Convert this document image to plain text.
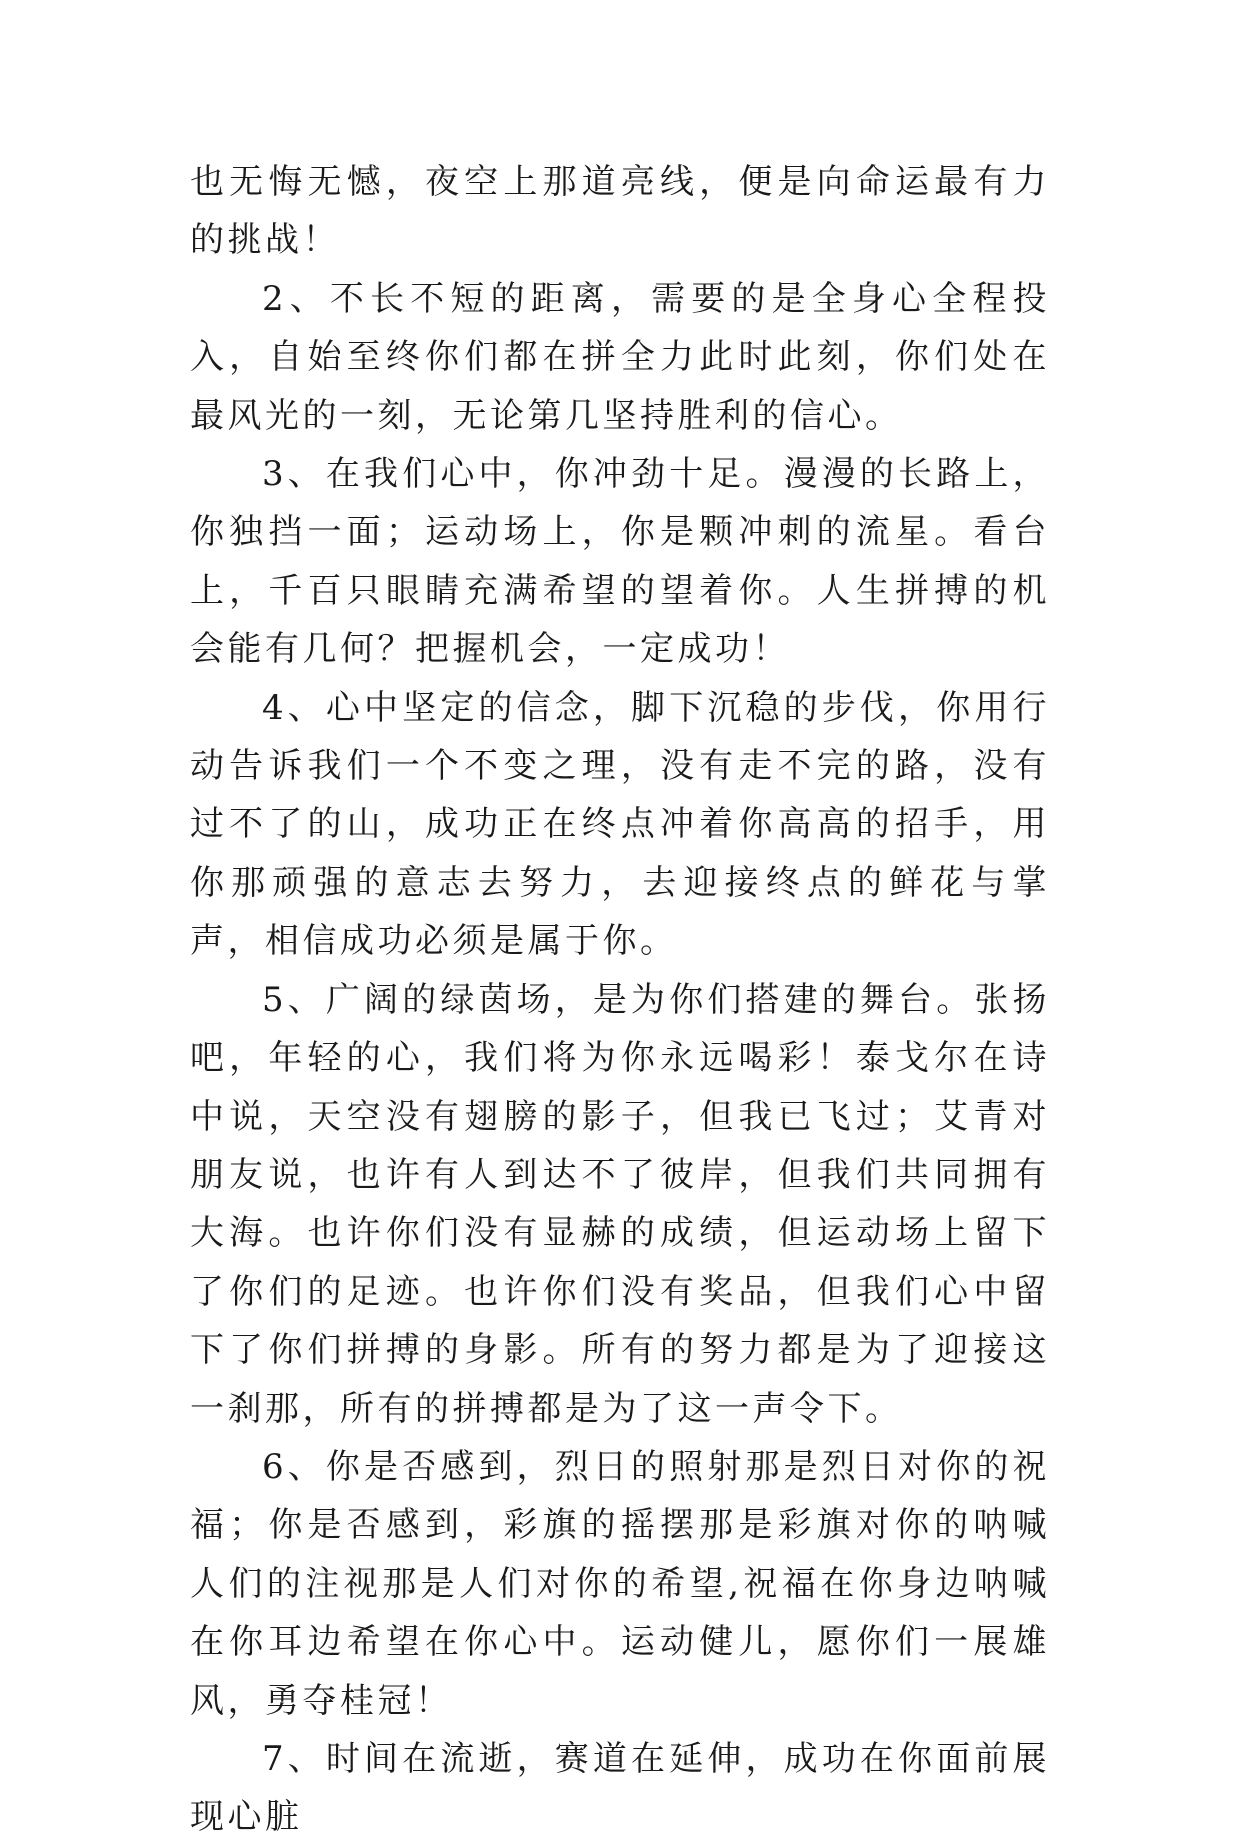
也无悔无憾，夜空上那道亮线，便是向命运最有力的挑战！

2、不长不短的距离，需要的是全身心全程投入，自始至终你们都在拼全力此时此刻，你们处在最风光的一刻，无论第几坚持胜利的信心。

3、在我们心中，你冲劲十足。漫漫的长路上，你独挡一面；运动场上，你是颗冲刺的流星。看台上，千百只眼睛充满希望的望着你。人生拼搏的机会能有几何？把握机会，一定成功！

4、心中坚定的信念，脚下沉稳的步伐，你用行动告诉我们一个不变之理，没有走不完的路，没有过不了的山，成功正在终点冲着你高高的招手，用你那顽强的意志去努力，去迎接终点的鲜花与掌声，相信成功必须是属于你。

5、广阔的绿茵场，是为你们搭建的舞台。张扬吧，年轻的心，我们将为你永远喝彩！泰戈尔在诗中说，天空没有翅膀的影子，但我已飞过；艾青对朋友说，也许有人到达不了彼岸，但我们共同拥有大海。也许你们没有显赫的成绩，但运动场上留下了你们的足迹。也许你们没有奖品，但我们心中留下了你们拼搏的身影。所有的努力都是为了迎接这一刹那，所有的拼搏都是为了这一声令下。

6、你是否感到，烈日的照射那是烈日对你的祝福；你是否感到，彩旗的摇摆那是彩旗对你的呐喊人们的注视那是人们对你的希望,祝福在你身边呐喊在你耳边希望在你心中。运动健儿，愿你们一展雄风，勇夺桂冠！

7、时间在流逝，赛道在延伸，成功在你面前展现心脏
